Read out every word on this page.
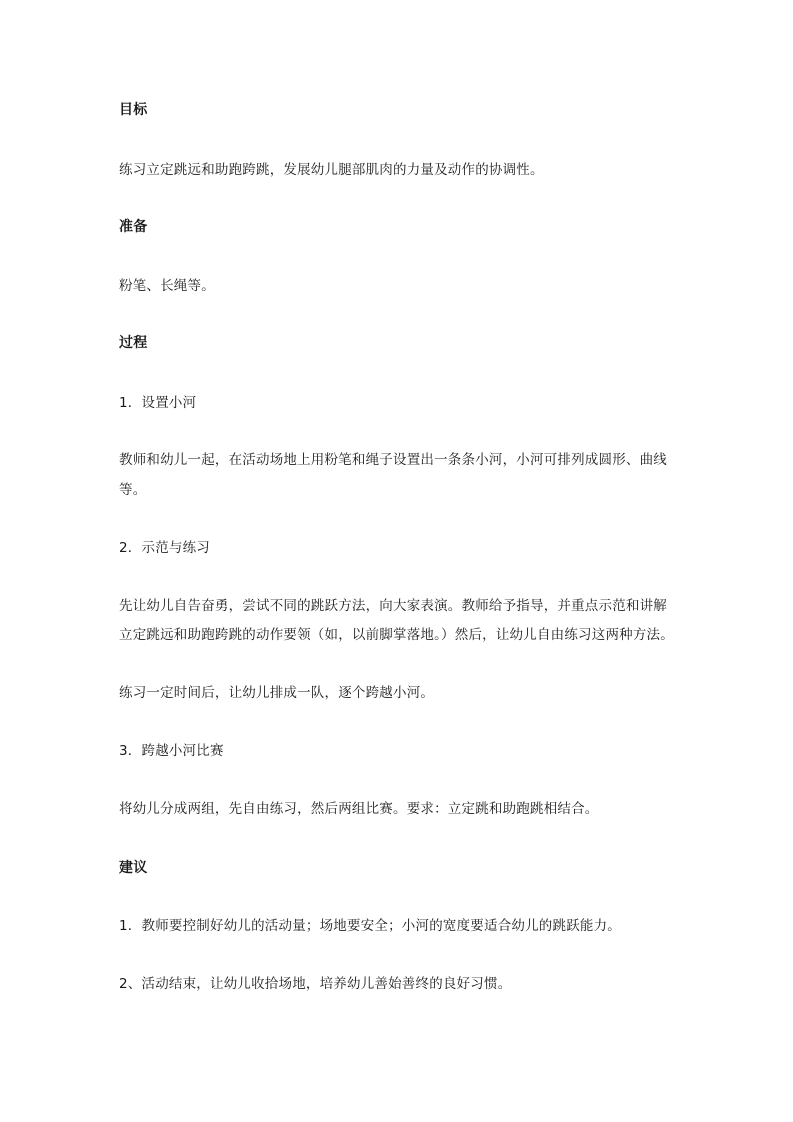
目标
练习立定跳远和助跑跨跳，发展幼儿腿部肌肉的力量及动作的协调性。
准备
粉笔、长绳等。
过程
1．设置小河
教师和幼儿一起，在活动场地上用粉笔和绳子设置出一条条小河，小河可排列成圆形、曲线
等。
2．示范与练习
先让幼儿自告奋勇，尝试不同的跳跃方法，向大家表演。教师给予指导，并重点示范和讲解
立定跳远和助跑跨跳的动作要领（如，以前脚掌落地。）然后，让幼儿自由练习这两种方法。
练习一定时间后，让幼儿排成一队，逐个跨越小河。
3．跨越小河比赛
将幼儿分成两组，先自由练习，然后两组比赛。要求：立定跳和助跑跳相结合。
建议
1．教师要控制好幼儿的活动量；场地要安全；小河的宽度要适合幼儿的跳跃能力。
2、活动结束，让幼儿收拾场地，培养幼儿善始善终的良好习惯。
